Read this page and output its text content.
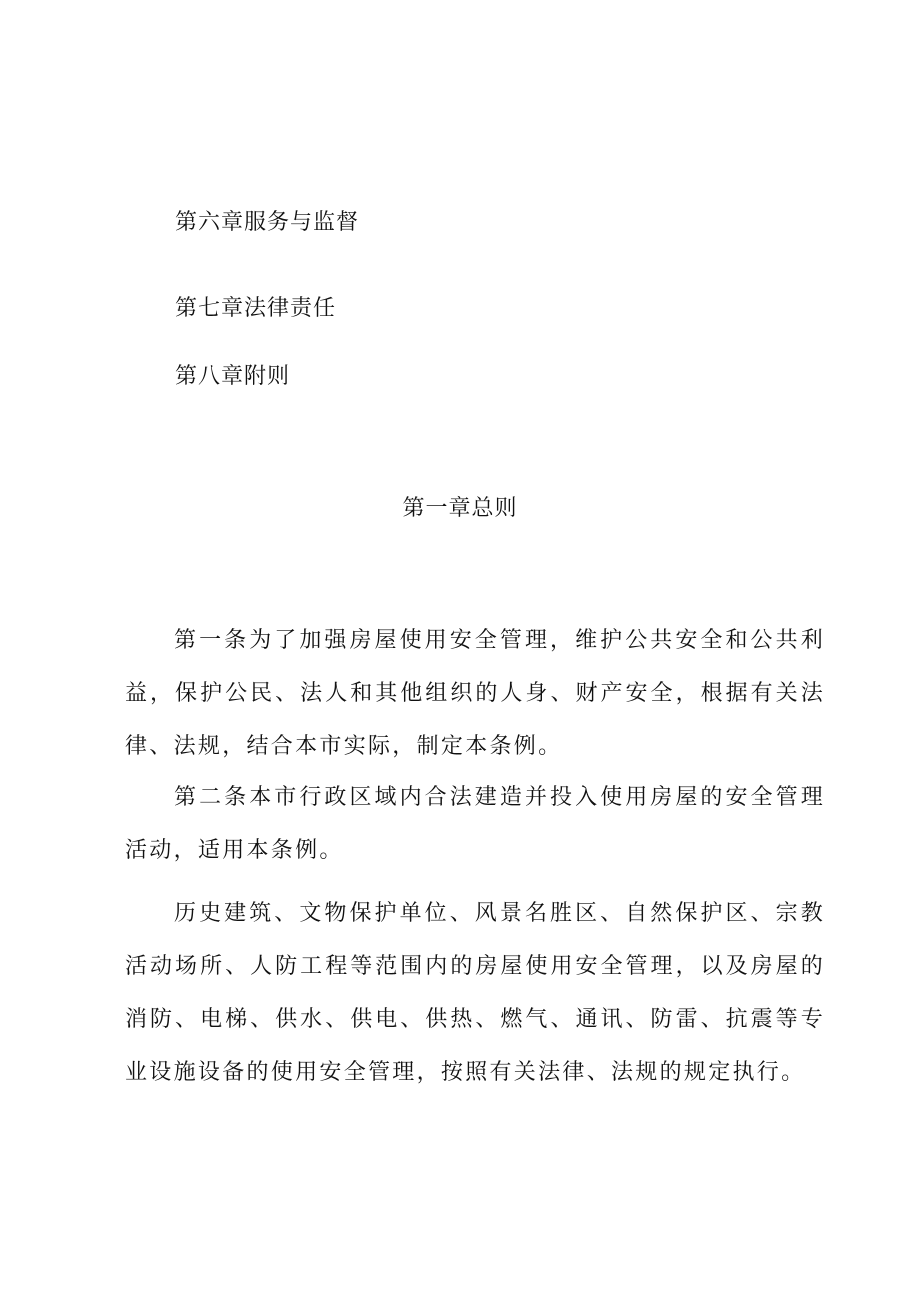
第六章服务与监督
第七章法律责任
第八章附则
第一章总则

第一条为了加强房屋使用安全管理，维护公共安全和公共利益，保护公民、法人和其他组织的人身、财产安全，根据有关法律、法规，结合本市实际，制定本条例。

第二条本市行政区域内合法建造并投入使用房屋的安全管理活动，适用本条例。

历史建筑、文物保护单位、风景名胜区、自然保护区、宗教活动场所、人防工程等范围内的房屋使用安全管理，以及房屋的消防、电梯、供水、供电、供热、燃气、通讯、防雷、抗震等专业设施设备的使用安全管理，按照有关法律、法规的规定执行。
